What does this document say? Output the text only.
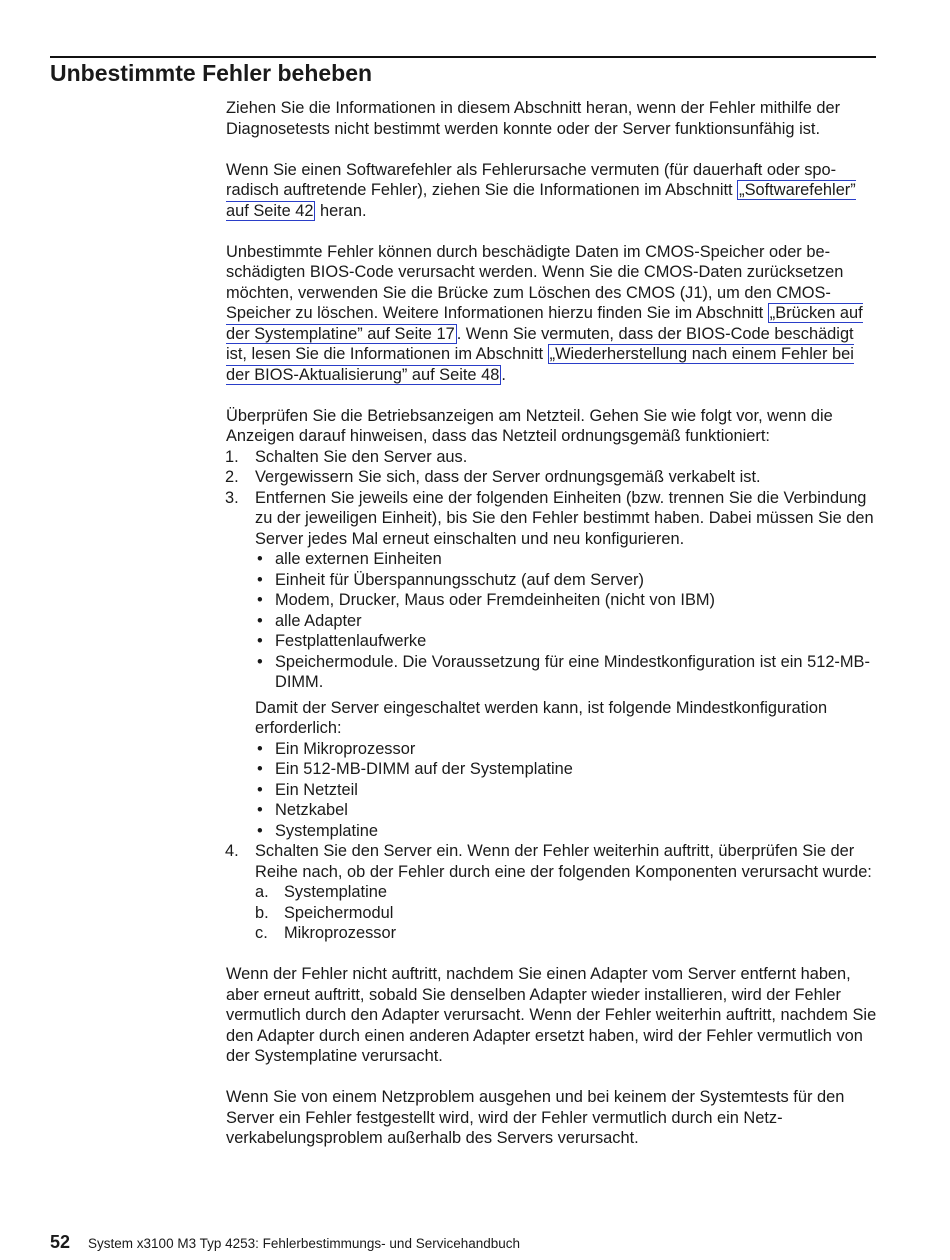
Unbestimmte Fehler beheben

Ziehen Sie die Informationen in diesem Abschnitt heran, wenn der Fehler mithilfe der Diagnosetests nicht bestimmt werden konnte oder der Server funktionsunfähig ist.

Wenn Sie einen Softwarefehler als Fehlerursache vermuten (für dauerhaft oder sporadisch auftretende Fehler), ziehen Sie die Informationen im Abschnitt „Softwarefehler” auf Seite 42 heran.

Unbestimmte Fehler können durch beschädigte Daten im CMOS-Speicher oder beschädigten BIOS-Code verursacht werden. Wenn Sie die CMOS-Daten zurücksetzen möchten, verwenden Sie die Brücke zum Löschen des CMOS (J1), um den CMOS-Speicher zu löschen. Weitere Informationen hierzu finden Sie im Abschnitt „Brücken auf der Systemplatine” auf Seite 17 . Wenn Sie vermuten, dass der BIOS-Code beschädigt ist, lesen Sie die Informationen im Abschnitt „Wiederherstellung nach einem Fehler bei der BIOS-Aktualisierung” auf Seite 48 .

Überprüfen Sie die Betriebsanzeigen am Netzteil. Gehen Sie wie folgt vor, wenn die Anzeigen darauf hinweisen, dass das Netzteil ordnungsgemäß funktioniert:
1. Schalten Sie den Server aus.
2. Vergewissern Sie sich, dass der Server ordnungsgemäß verkabelt ist.
3. Entfernen Sie jeweils eine der folgenden Einheiten (bzw. trennen Sie die Verbindung zu der jeweiligen Einheit), bis Sie den Fehler bestimmt haben. Dabei müssen Sie den Server jedes Mal erneut einschalten und neu konfigurieren.
• alle externen Einheiten
• Einheit für Überspannungsschutz (auf dem Server)
• Modem, Drucker, Maus oder Fremdeinheiten (nicht von IBM)
• alle Adapter
• Festplattenlaufwerke
• Speichermodule. Die Voraussetzung für eine Mindestkonfiguration ist ein 512-MB-DIMM.
Damit der Server eingeschaltet werden kann, ist folgende Mindestkonfiguration erforderlich:
• Ein Mikroprozessor
• Ein 512-MB-DIMM auf der Systemplatine
• Ein Netzteil
• Netzkabel
• Systemplatine
4. Schalten Sie den Server ein. Wenn der Fehler weiterhin auftritt, überprüfen Sie der Reihe nach, ob der Fehler durch eine der folgenden Komponenten verursacht wurde:
a. Systemplatine
b. Speichermodul
c. Mikroprozessor

Wenn der Fehler nicht auftritt, nachdem Sie einen Adapter vom Server entfernt haben, aber erneut auftritt, sobald Sie denselben Adapter wieder installieren, wird der Fehler vermutlich durch den Adapter verursacht. Wenn der Fehler weiterhin auftritt, nachdem Sie den Adapter durch einen anderen Adapter ersetzt haben, wird der Fehler vermutlich von der Systemplatine verursacht.

Wenn Sie von einem Netzproblem ausgehen und bei keinem der Systemtests für den Server ein Fehler festgestellt wird, wird der Fehler vermutlich durch ein Netzverkabelungsproblem außerhalb des Servers verursacht.

52 System x3100 M3 Typ 4253: Fehlerbestimmungs- und Servicehandbuch
